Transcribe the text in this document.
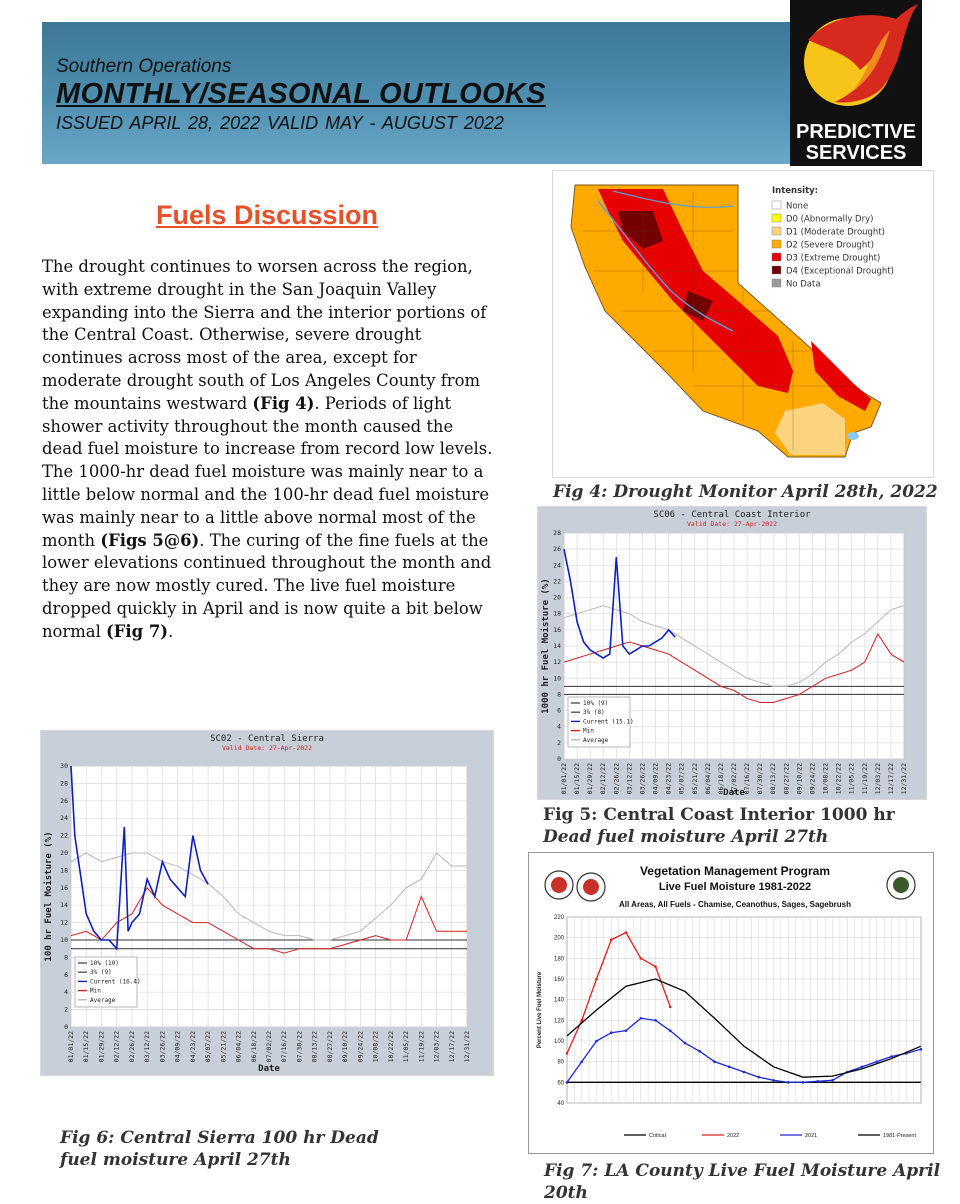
Southern Operations
MONTHLY/SEASONAL OUTLOOKS
ISSUED APRIL 28, 2022 VALID MAY - AUGUST 2022	PREDICTIVE
SERVICES
Fuels Discussion

The drought continues to worsen across the region, with extreme drought in the San Joaquin Valley expanding into the Sierra and the interior portions of the Central Coast. Otherwise, severe drought continues across most of the area, except for moderate drought south of Los Angeles County from the mountains westward (Fig 4). Periods of light shower activity throughout the month caused the dead fuel moisture to increase from record low levels. The 1000-hr dead fuel moisture was mainly near to a little below normal and the 100-hr dead fuel moisture was mainly near to a little above normal most of the month (Figs 5@6). The curing of the fine fuels at the lower elevations continued throughout the month and they are now mostly cured. The live fuel moisture dropped quickly in April and is now quite a bit below normal (Fig 7).

Intensity:
None
D0 (Abnormally Dry)
D1 (Moderate Drought)
D2 (Severe Drought)
D3 (Extreme Drought)
D4 (Exceptional Drought)
No Data
Fig 4: Drought Monitor April 28th, 2022
SC06 - Central Coast Interior
Valid Date: 27-Apr-2022
0
2
4
6
8
10
12
14
16
18
20
22
24
26
28
01/01/22 01/15/22 01/29/22 02/12/22 02/26/22 03/12/22 03/26/22 04/09/22 04/23/22 05/07/22 05/21/22 06/04/22 06/18/22 07/02/22 07/16/22 07/30/22 08/13/22 08/27/22 09/10/22 09/24/22 10/08/22 10/22/22 11/05/22 11/19/22 12/03/22 12/17/22 12/31/22
Date
1000 hr Fuel Moisture (%)	10% (9)
3% (8)
Current (15.1)
Min
Average
Fig 5: Central Coast Interior 1000 hr Dead fuel moisture April 27th
SC02 - Central Sierra
Valid Date: 27-Apr-2022
0
2
4
6
8
10
12
14
16
18
20
22
24
26
28
30
01/01/22 01/15/22 01/29/22 02/12/22 02/26/22 03/12/22 03/26/22 04/09/22 04/23/22 05/07/22 05/21/22 06/04/22 06/18/22 07/02/22 07/16/22 07/30/22 08/13/22 08/27/22 09/10/22 09/24/22 10/08/22 10/22/22 11/05/22 11/19/22 12/03/22 12/17/22 12/31/22
Date
100 hr Fuel Moisture (%)
10% (10)
3% (9)
Current (16.4)
Min
Average
Fig 6: Central Sierra 100 hr Dead fuel moisture April 27th
Vegetation Management Program
Live Fuel Moisture 1981-2022
All Areas, All Fuels - Chamise, Ceanothus, Sages, Sagebrush
40
60
80
100
120
140
160
180
200
220
Percent Live Fuel Moisture
Critical	2022	2021	1981-Present
Fig 7: LA County Live Fuel Moisture April 20th
